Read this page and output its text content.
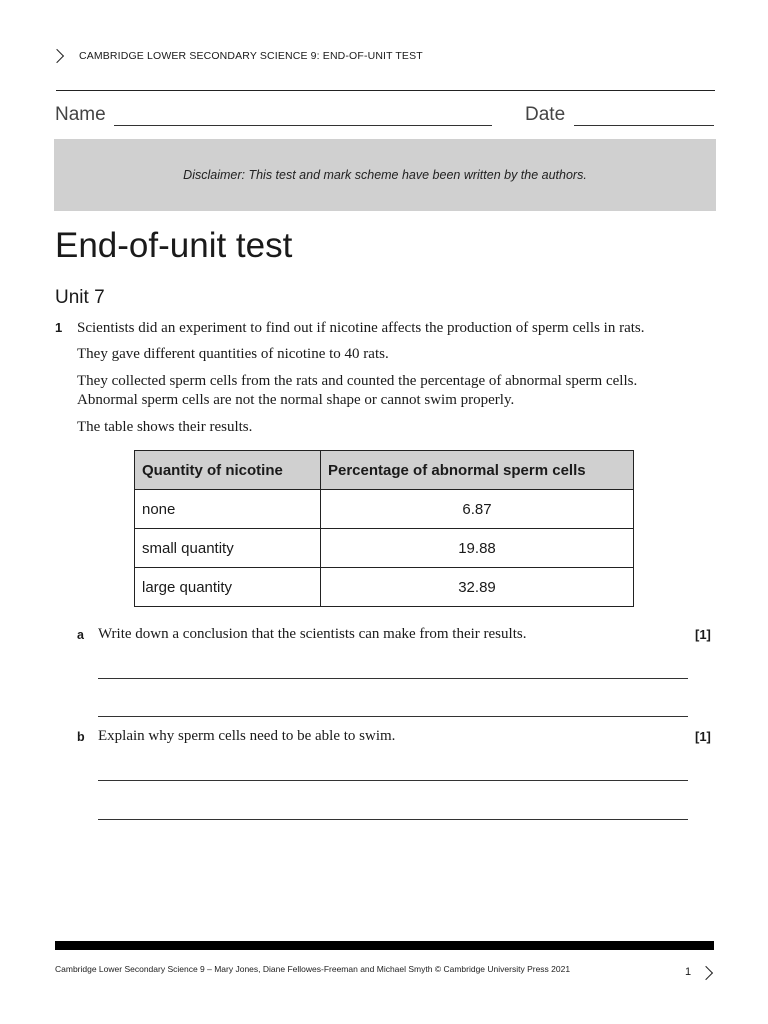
CAMBRIDGE LOWER SECONDARY SCIENCE 9: END-OF-UNIT TEST
Name	Date
Disclaimer: This test and mark scheme have been written by the authors.
End-of-unit test
Unit 7
1 Scientists did an experiment to find out if nicotine affects the production of sperm cells in rats.
They gave different quantities of nicotine to 40 rats.
They collected sperm cells from the rats and counted the percentage of abnormal sperm cells.
Abnormal sperm cells are not the normal shape or cannot swim properly.
The table shows their results.
Quantity of nicotine	Percentage of abnormal sperm cells
none	6.87
small quantity	19.88
large quantity	32.89
a Write down a conclusion that the scientists can make from their results.	[1]
b Explain why sperm cells need to be able to swim.	[1]
Cambridge Lower Secondary Science 9 – Mary Jones, Diane Fellowes-Freeman and Michael Smyth © Cambridge University Press 2021	1
